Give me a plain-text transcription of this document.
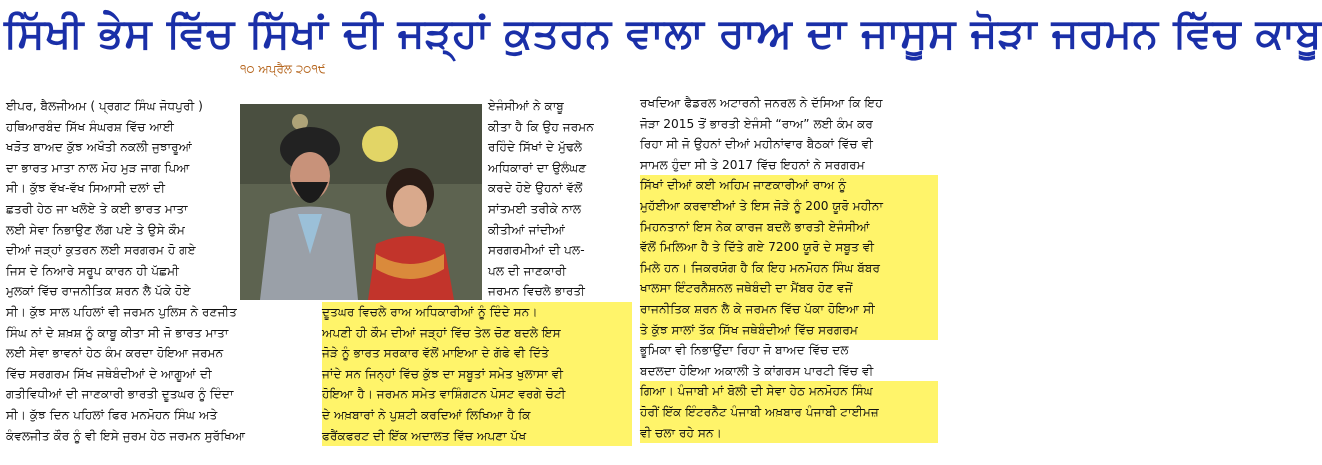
ਸਿੱਖੀ ਭੇਸ ਵਿੱਚ ਸਿੱਖਾਂ ਦੀ ਜੜ੍ਹਾਂ ਕੁਤਰਨ ਵਾਲਾ ਰਾਅ ਦਾ ਜਾਸੂਸ ਜੋੜਾ ਜਰਮਨ ਵਿੱਚ ਕਾਬੂ
੧੦ ਅਪ੍ਰੈਲ ੨੦੧੯
ਈਪਰ, ਬੈਲਜੀਅਮ ( ਪ੍ਰਗਟ ਸਿੰਘ ਜੋਧਪੁਰੀ )
ਹਥਿਆਰਬੰਦ ਸਿੱਖ ਸੰਘਰਸ਼ ਵਿੱਚ ਆਈ
ਖੜੋਤ ਬਾਅਦ ਕੁੱਝ ਅਖੌਤੀ ਨਕਲੀ ਜੁਝਾਰੂਆਂ
ਦਾ ਭਾਰਤ ਮਾਤਾ ਨਾਲ ਮੋਹ ਮੁੜ ਜਾਗ ਪਿਆ
ਸੀ। ਕੁੱਝ ਵੱਖ-ਵੱਖ ਸਿਆਸੀ ਦਲਾਂ ਦੀ
ਛਤਰੀ ਹੇਠ ਜਾ ਖਲੋਏ ਤੇ ਕਈ ਭਾਰਤ ਮਾਤਾ
ਲਈ ਸੇਵਾ ਨਿਭਾਉਣ ਲੱਗ ਪਏ ਤੇ ਉਸੇ ਕੌਮ
ਦੀਆਂ ਜੜ੍ਹਾਂ ਕੁਤਰਨ ਲਈ ਸਰਗਰਮ ਹੋ ਗਏ
ਜਿਸ ਦੇ ਨਿਆਰੇ ਸਰੂਪ ਕਾਰਨ ਹੀ ਪੱਛਮੀ
ਮੁਲਕਾਂ ਵਿੱਚ ਰਾਜਨੀਤਿਕ ਸ਼ਰਨ ਲੈ ਪੱਕੇ ਹੋਏ
ਸੀ। ਕੁੱਝ ਸਾਲ ਪਹਿਲਾਂ ਵੀ ਜਰਮਨ ਪੁਲਿਸ ਨੇ ਰਣਜੀਤ
ਸਿੰਘ ਨਾਂ ਦੇ ਸ਼ਖ਼ਸ਼ ਨੂੰ ਕਾਬੂ ਕੀਤਾ ਸੀ ਜੋ ਭਾਰਤ ਮਾਤਾ
ਲਈ ਸੇਵਾ ਭਾਵਨਾਂ ਹੇਠ ਕੰਮ ਕਰਦਾ ਹੋਇਆ ਜਰਮਨ
ਵਿੱਚ ਸਰਗਰਮ ਸਿੱਖ ਜਥੇਬੰਦੀਆਂ ਦੇ ਆਗੂਆਂ ਦੀ
ਗਤੀਵਿਧੀਆਂ ਦੀ ਜਾਣਕਾਰੀ ਭਾਰਤੀ ਦੂਤਘਰ ਨੂੰ ਦਿੰਦਾ
ਸੀ। ਕੁੱਝ ਦਿਨ ਪਹਿਲਾਂ ਫਿਰ ਮਨਮੋਹਨ ਸਿੰਘ ਅਤੇ
ਕੰਵਲਜੀਤ ਕੌਰ ਨੂੰ ਵੀ ਇਸੇ ਜੁਰਮ ਹੇਠ ਜਰਮਨ ਸੁਰੱਖਿਆ
ਏਜੰਸੀਆਂ ਨੇ ਕਾਬੂ
ਕੀਤਾ ਹੈ ਕਿ ਉਹ ਜਰਮਨ
ਰਹਿੰਦੇ ਸਿੱਖਾਂ ਦੇ ਮੁੱਢਲੇ
ਅਧਿਕਾਰਾਂ ਦਾ ਉਲੰਘਣ
ਕਰਦੇ ਹੋਏ ਉਹਨਾਂ ਵੱਲੋਂ
ਸਾਂਤਮਈ ਤਰੀਕੇ ਨਾਲ
ਕੀਤੀਆਂ ਜਾਂਦੀਆਂ
ਸਰਗਰਮੀਆਂ ਦੀ ਪਲ-
ਪਲ ਦੀ ਜਾਣਕਾਰੀ
ਜਰਮਨ ਵਿਚਲੇ ਭਾਰਤੀ
ਦੂਤਘਰ ਵਿਚਲੇ ਰਾਅ ਅਧਿਕਾਰੀਆਂ ਨੂੰ ਦਿੰਦੇ ਸਨ।
ਅਪਣੀ ਹੀ ਕੌਮ ਦੀਆਂ ਜੜ੍ਹਾਂ ਵਿੱਚ ਤੇਲ ਚੋਣ ਬਦਲੇ ਇਸ
ਜੋੜੇ ਨੂੰ ਭਾਰਤ ਸਰਕਾਰ ਵੱਲੋਂ ਮਾਇਆ ਦੇ ਗੱਫੇ ਵੀ ਦਿੱਤੇ
ਜਾਂਦੇ ਸਨ ਜਿਨ੍ਹਾਂ ਵਿੱਚ ਕੁੱਝ ਦਾ ਸਬੂਤਾਂ ਸਮੇਤ ਖੁਲਾਸਾ ਵੀ
ਹੋਇਆ ਹੈ। ਜਰਮਨ ਸਮੇਤ ਵਾਸ਼ਿੰਗਟਨ ਪੋਸਟ ਵਰਗੇ ਚੋਟੀ
ਦੇ ਅਖ਼ਬਾਰਾਂ ਨੇ ਪੁਸ਼ਟੀ ਕਰਦਿਆਂ ਲਿਖਿਆ ਹੈ ਕਿ
ਫਰੈਂਕਫਰਟ ਦੀ ਇੱਕ ਅਦਾਲਤ ਵਿੱਚ ਅਪਣਾ ਪੱਖ
ਰਖਦਿਆ ਫੈਡਰਲ ਅਟਾਰਨੀ ਜਨਰਲ ਨੇ ਦੱਸਿਆ ਕਿ ਇਹ
ਜੋੜਾ 2015 ਤੋਂ ਭਾਰਤੀ ਏਜੰਸੀ “ਰਾਅ” ਲਈ ਕੰਮ ਕਰ
ਰਿਹਾ ਸੀ ਜੋ ਉਹਨਾਂ ਦੀਆਂ ਮਹੀਨਾਂਵਾਰ ਬੈਠਕਾਂ ਵਿੱਚ ਵੀ
ਸਾਮਲ ਹੁੰਦਾ ਸੀ ਤੇ 2017 ਵਿੱਚ ਇਹਨਾਂ ਨੇ ਸਰਗਰਮ
ਸਿੱਖਾਂ ਦੀਆਂ ਕਈ ਅਹਿਮ ਜਾਣਕਾਰੀਆਂ ਰਾਅ ਨੂੰ
ਮੁਹੱਈਆ ਕਰਵਾਈਆਂ ਤੇ ਇਸ ਜੋੜੇ ਨੂੰ 200 ਯੂਰੋ ਮਹੀਨਾ
ਮਿਹਨਤਾਨਾਂ ਇਸ ਨੇਕ ਕਾਰਜ ਬਦਲੇ ਭਾਰਤੀ ਏਜੰਸੀਆਂ
ਵੱਲੋਂ ਮਿਲਿਆ ਹੈ ਤੇ ਦਿੱਤੇ ਗਏ 7200 ਯੂਰੋ ਦੇ ਸਬੂਤ ਵੀ
ਮਿਲੇ ਹਨ। ਜਿਕਰਯੋਗ ਹੈ ਕਿ ਇਹ ਮਨਮੋਹਨ ਸਿੰਘ ਬੱਬਰ
ਖਾਲਸਾ ਇੰਟਰਨੈਸ਼ਨਲ ਜਥੇਬੰਦੀ ਦਾ ਮੈਂਬਰ ਹੋਣ ਵਜੋਂ
ਰਾਜਨੀਤਿਕ ਸ਼ਰਨ ਲੈ ਕੇ ਜਰਮਨ ਵਿੱਚ ਪੱਕਾ ਹੋਇਆ ਸੀ
ਤੇ ਕੁੱਝ ਸਾਲਾਂ ਤੱਕ ਸਿੱਖ ਜਥੇਬੰਦੀਆਂ ਵਿੱਚ ਸਰਗਰਮ
ਭੂਮਿਕਾ ਵੀ ਨਿਭਾਉਂਦਾ ਰਿਹਾ ਜੋ ਬਾਅਦ ਵਿੱਚ ਦਲ
ਬਦਲਦਾ ਹੋਇਆ ਅਕਾਲੀ ਤੇ ਕਾਂਗਰਸ ਪਾਰਟੀ ਵਿੱਚ ਵੀ
ਗਿਆ। ਪੰਜਾਬੀ ਮਾਂ ਬੋਲੀ ਦੀ ਸੇਵਾ ਹੇਠ ਮਨਮੋਹਨ ਸਿੰਘ
ਹੋਰੀਂ ਇੱਕ ਇੰਟਰਨੈਟ ਪੰਜਾਬੀ ਅਖ਼ਬਾਰ ਪੰਜਾਬੀ ਟਾਈਮਜ਼
ਵੀ ਚਲਾ ਰਹੇ ਸਨ।
